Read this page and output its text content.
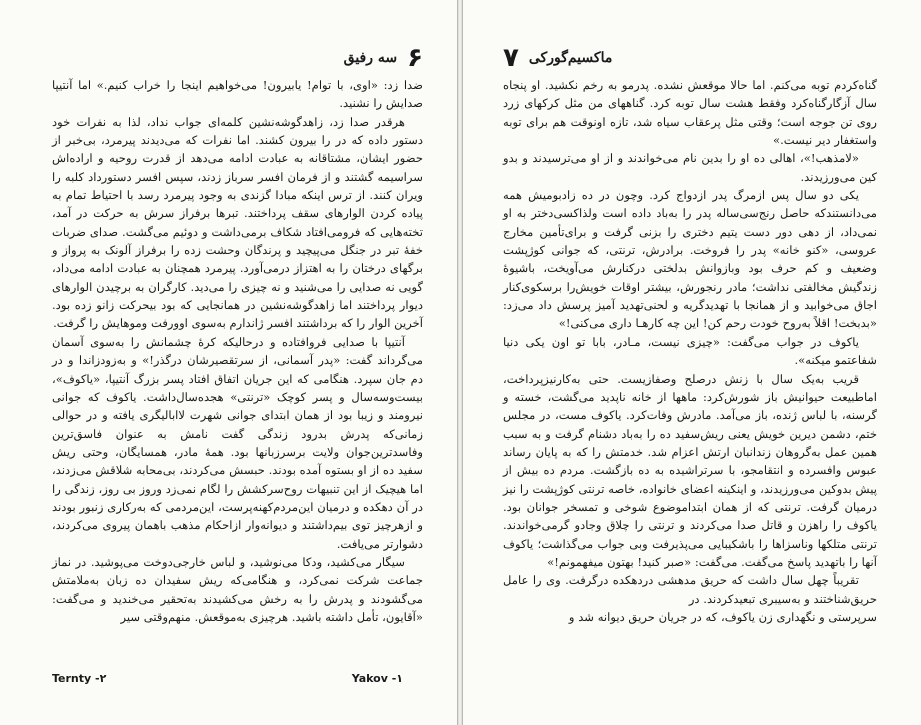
۶
سه رفیق

ضدا زد: «اوی، با توام! یابیرون! می‌خواهیم اینجا را خراب کنیم.» اما آنتیپا صدایش را نشنید.

هرقدر صدا زد، زاهدگوشه‌نشین کلمه‌ای جواب نداد، لذا به نفرات خود دستور داده که در را بیرون کشند. اما نفرات که می‌دیدند پیرمرد، بی‌خبر از حضور ایشان، مشتاقانه به عبادت ادامه می‌دهد از قدرت روحیه و اراده‌اش سراسیمه گشتند و از فرمان افسر سرباز زدند، سپس افسر دستورداد کلبه را ویران کنند. از ترس اینکه مبادا گزندی به وجود پیرمرد رسد با احتیاط تمام به پیاده کردن الوارهای سقف پرداختند. تبرها برفراز سرش به حرکت در آمد، تخته‌هایی که فرومی‌افتاد شکاف برمی‌داشت و دوئیم می‌گشت. صدای ضربات خفهٔ تبر در جنگل می‌پیچید و پرندگان وحشت زده را برفراز آلونک به پرواز و برگهای درختان را به اهتزاز درمی‌آورد. پیرمرد همچنان به عبادت ادامه می‌داد، گویی نه صدایی را می‌شنید و نه چیزی را می‌دید. کارگران به برچیدن الوارهای دیوار پرداختند اما زاهدگوشه‌نشین در همانجایی که بود بیحرکت زانو زده بود. آخرین الوار را که برداشتند افسر ژاندارم به‌سوی اوورفت وموهایش را گرفت.

آنتیپا با صدایی فروافتاده و درحالیکه کرهٔ چشمانش را به‌سوی آسمان می‌گرداند گفت: «پدر آسمانی، از سرتقصیرشان درگذر!» و به‌زودزاندا و در دم جان سپرد. هنگامی که این جریان اتفاق افتاد پسر بزرگ آنتیپا، «یاکوف»، بیست‌وسه‌سال و پسر کوچک «ترنتی» هجده‌سال‌داشت. یاکوف که جوانی نیرومند و زیبا بود از همان ابتدای جوانی شهرت لاابالیگری یافته و در حوالی زمانی‌که پدرش بدرود زندگی گفت نامش به عنوان فاسق‌ترین وفاسدترین‌جوان ولایت برسرزبانها بود. همهٔ مادر، همسایگان، وحتی ریش سفید ده از او بستوه آمده بودند. حبسش می‌کردند، بی‌محابه شلاقش می‌زدند، اما هیچیک از این تنبیهات روح‌سرکشش را لگام نمی‌زد وروز بی روز، زندگی را در آن دهکده و درمیان این‌مردم‌کهنه‌پرست، این‌مردمی که به‌رکاری زنبور بودند و ازهرچیز توی بیم‌داشتند و دیوانه‌وار از‌احکام مذهب باهمان پیروی می‌کردند، دشوارتر می‌یافت.

سیگار می‌کشید، ودکا می‌نوشید، و لباس خارجی‌دوخت می‌پوشید. در نماز جماعت شرکت نمی‌کرد، و هنگامی‌که ریش سفیدان ده زبان به‌ملامتش می‌گشودند و پدرش را به رخش می‌کشیدند به‌تحقیر می‌خندید و می‌گفت: «آقایون، تأمل داشته باشید. هرچیزی به‌موقعش. منهم‌وقتی سیر

Ternty -۲	Yakov -۱
۷ ماکسیم‌گورکی

گناه‌کردم توبه می‌کنم. اما حالا موقعش نشده. پدرمو به رخم نکشید. او پنجاه سال آزگارگناه‌کرد وفقط هشت سال توبه کرد. گناههای من مثل کرکهای زرد روی تن جوجه است؛ وقتی مثل پرعقاب سیاه شد، تازه اونوقت هم برای توبه واستغفار دیر نیست.»

«لامذهب!»، اهالی ده او را بدین نام می‌خواندند و از او می‌ترسیدند و بدو کین می‌ورزیدند.

یکی دو سال پس ازمرگ پدر ازدواج کرد. وچون در ده زادبومیش همه می‌دانستندکه حاصل رنج‌سی‌ساله پدر را به‌باد داده است ولذاکسی‌دختر به او نمی‌داد، از دهی دور دست یتیم دختری را بزنی گرفت و برای‌تأمین مخارج عروسی، «کنو خانه» پدر را فروخت. برادرش، ترنتی، که جوانی کوژپشت وضعیف و کم حرف بود وبازوانش بدلختی درکنارش می‌آویخت، باشیوهٔ زندگیش مخالفتی نداشت؛ مادر رنجورش، بیشتر اوقات خویش‌را برسکوی‌کنار اجاق می‌خوابید و از همانجا با تهدید‌گریه و لحنی‌تهدید آمیز پرسش داد می‌زد: «بدبخت! اقلاً به‌روح خودت رحم کن! این چه کارهـا داری می‌کنی!»

یاکوف در جواب می‌گفت: «چیزی نیست، مـادر، بابا تو اون یکی دنیا شفاعتمو میکنه».

قریب به‌یک سال با زنش درصلح وصفازیست. حتی به‌کارنیزپرداخت، اماطبیعت حیوانیش باز شورش‌کرد: ماهها از خانه ناپدید می‌گشت، خسته و گرسنه، با لباس ژنده، باز می‌آمد. مادرش وفات‌کرد. یاکوف مست، در مجلس ختم، دشمن دیرین خویش یعنی ریش‌سفید ده را به‌باد دشنام گرفت و به سبب همین عمل به‌گروهان زندانبان ارتش اعزام شد. خدمتش را که به پایان رساند عبوس وافسرده و انتقامجو، با سرتراشیده به ده بازگشت. مردم ده بیش از پیش بدوکین می‌ورزیدند، و اینکینه اعضای خانواده، خاصه ترنتی کوژپشت را نیز درمیان گرفت. ترنتی که از همان ابتداموضوع شوخی و تمسخر جوانان بود. یاکوف را راهزن و قاتل صدا می‌کردند و ترنتی را چلاق وجادو گرمی‌خواندند. ترنتی متلکها وناسزاها را باشکیبایی می‌پذیرفت وبی جواب می‌گذاشت؛ یاکوف آنها را باتهدید پاسخ می‌گفت. می‌گفت: «صبر کنید! بهتون میفهمونم!»

تقریباً چهل سال داشت که حریق مدهشی دردهکده درگرفت. وی را عامل حریق‌شناختند و به‌سیبری تبعیدکردند. در

سرپرستی و نگهداری زن یاکوف، که در جریان حریق دیوانه شد و
